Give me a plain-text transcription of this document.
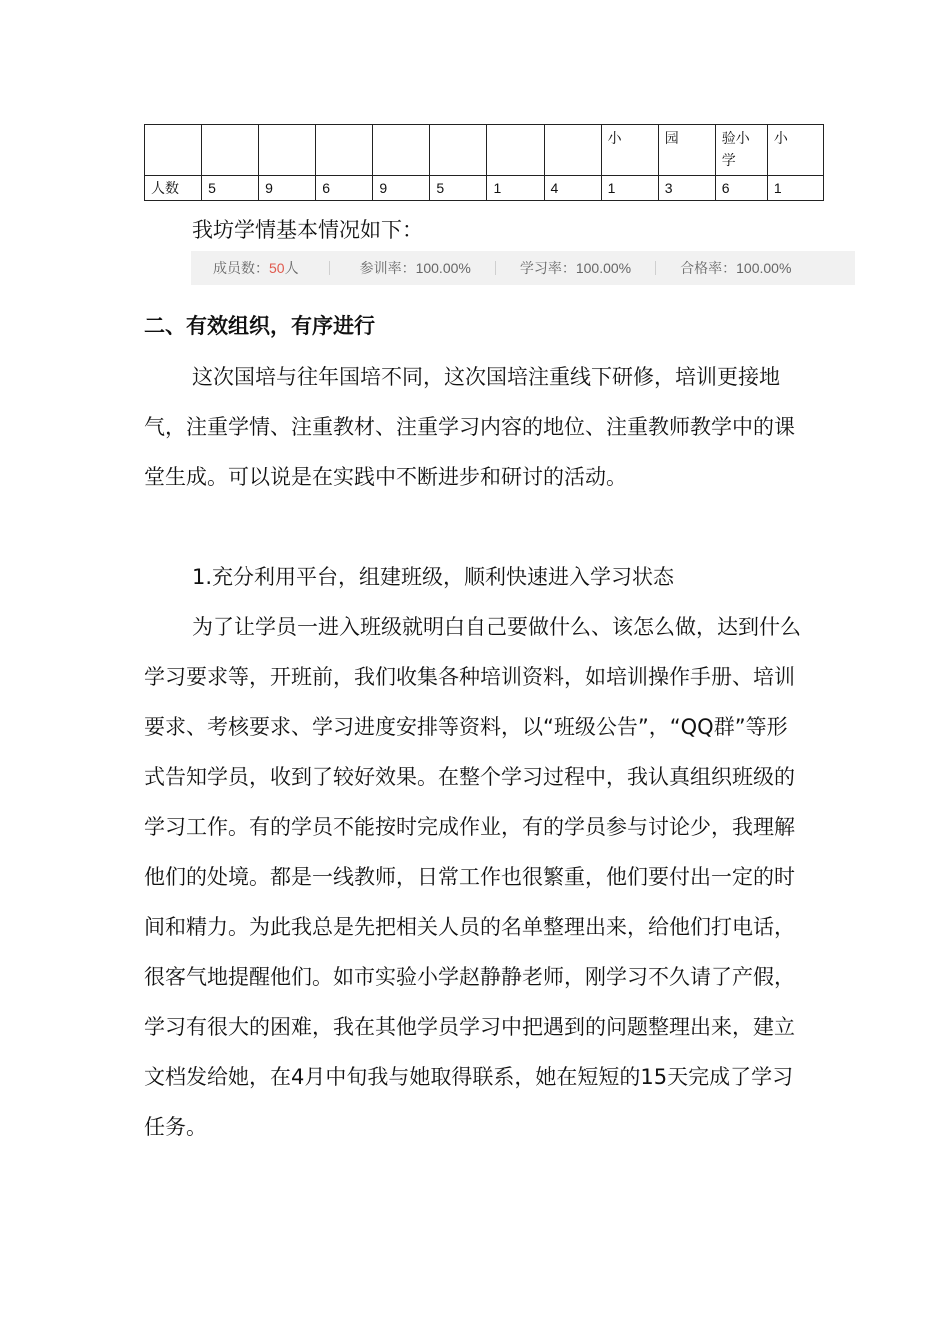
								小	园	验小学	小
人数	5	9	6	9	5	1	4	1	3	6	1
我坊学情基本情况如下：
成员数： 50 人	参训率：100.00%	学习率：100.00%	合格率：100.00%
二、有效组织，有序进行

这次国培与往年国培不同，这次国培注重线下研修，培训更接地气，注重学情、注重教材、注重学习内容的地位、注重教师教学中的课堂生成。可以说是在实践中不断进步和研讨的活动。

1.充分利用平台，组建班级，顺利快速进入学习状态

为了让学员一进入班级就明白自己要做什么、该怎么做，达到什么学习要求等，开班前，我们收集各种培训资料，如培训操作手册、培训要求、考核要求、学习进度安排等资料，以“班级公告”，“QQ群”等形式告知学员，收到了较好效果。在整个学习过程中，我认真组织班级的学习工作。有的学员不能按时完成作业，有的学员参与讨论少，我理解他们的处境。都是一线教师，日常工作也很繁重，他们要付出一定的时间和精力。为此我总是先把相关人员的名单整理出来，给他们打电话，很客气地提醒他们。如市实验小学赵静静老师，刚学习不久请了产假，学习有很大的困难，我在其他学员学习中把遇到的问题整理出来，建立文档发给她，在4月中旬我与她取得联系，她在短短的15天完成了学习任务。
